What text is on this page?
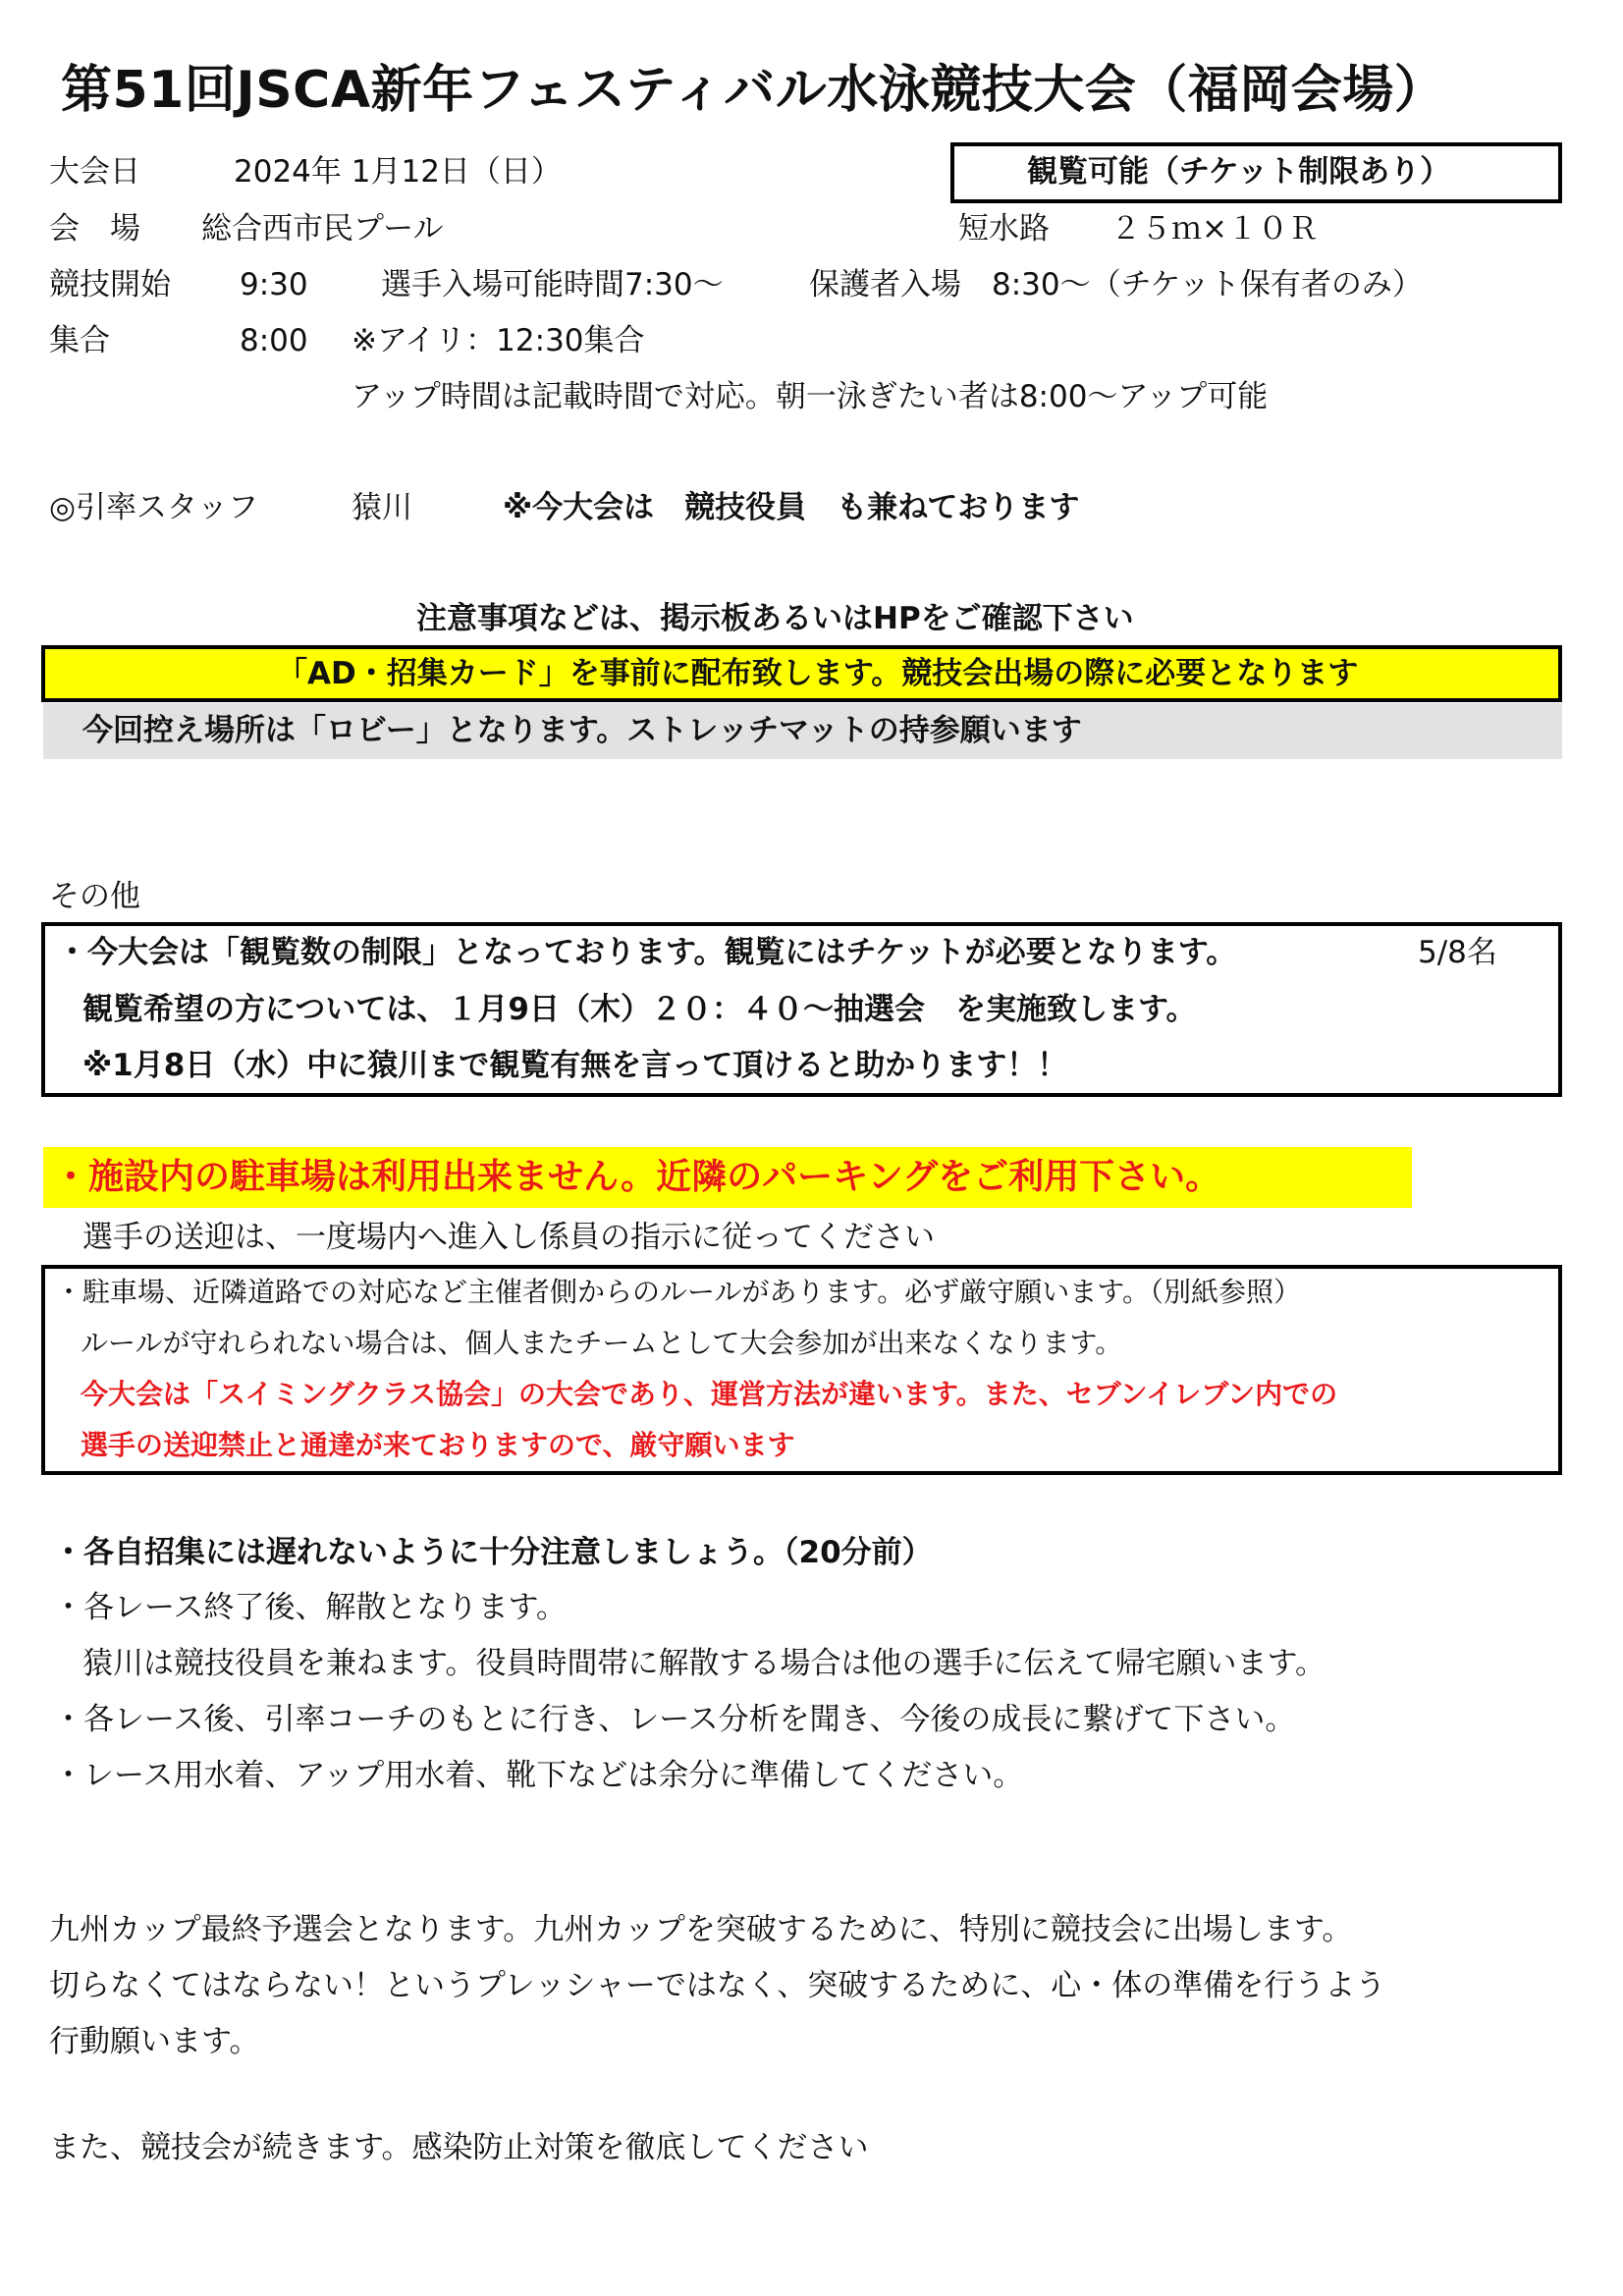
第51回JSCA新年フェスティバル水泳競技大会（福岡会場）
大会日	2024年 1月12日（日）	観覧可能（チケット制限あり）
会　場 総合西市民プール	短水路　　２５ｍ×１０Ｒ
競技開始 9:30 選手入場可能時間7:30～	保護者入場　8:30～（チケット保有者のみ）
集合	8:00 ※アイリ：12:30集合
アップ時間は記載時間で対応。朝一泳ぎたい者は8:00～アップ可能
◎引率スタッフ	猿川	※今大会は　競技役員　も兼ねております
注意事項などは、掲示板あるいはHPをご確認下さい
「AD・招集カード」を事前に配布致します。競技会出場の際に必要となります
今回控え場所は「ロビー」となります。ストレッチマットの持参願います
その他
・今大会は「観覧数の制限」となっております。観覧にはチケットが必要となります。	5/8名
観覧希望の方については、１月9日（木）２０：４０～抽選会　を実施致します。
※1月8日（水）中に猿川まで観覧有無を言って頂けると助かります！！
・施設内の駐車場は利用出来ません。近隣のパーキングをご利用下さい。
選手の送迎は、一度場内へ進入し係員の指示に従ってください
・駐車場、近隣道路での対応など主催者側からのルールがあります。必ず厳守願います。（別紙参照）
ルールが守れられない場合は、個人またチームとして大会参加が出来なくなります。
今大会は「スイミングクラス協会」の大会であり、運営方法が違います。また、セブンイレブン内での
選手の送迎禁止と通達が来ておりますので、厳守願います
・各自招集には遅れないように十分注意しましょう。（20分前）
・各レース終了後、解散となります。
猿川は競技役員を兼ねます。役員時間帯に解散する場合は他の選手に伝えて帰宅願います。
・各レース後、引率コーチのもとに行き、レース分析を聞き、今後の成長に繋げて下さい。
・レース用水着、アップ用水着、靴下などは余分に準備してください。
九州カップ最終予選会となります。九州カップを突破するために、特別に競技会に出場します。
切らなくてはならない！というプレッシャーではなく、突破するために、心・体の準備を行うよう
行動願います。
また、競技会が続きます。感染防止対策を徹底してください
